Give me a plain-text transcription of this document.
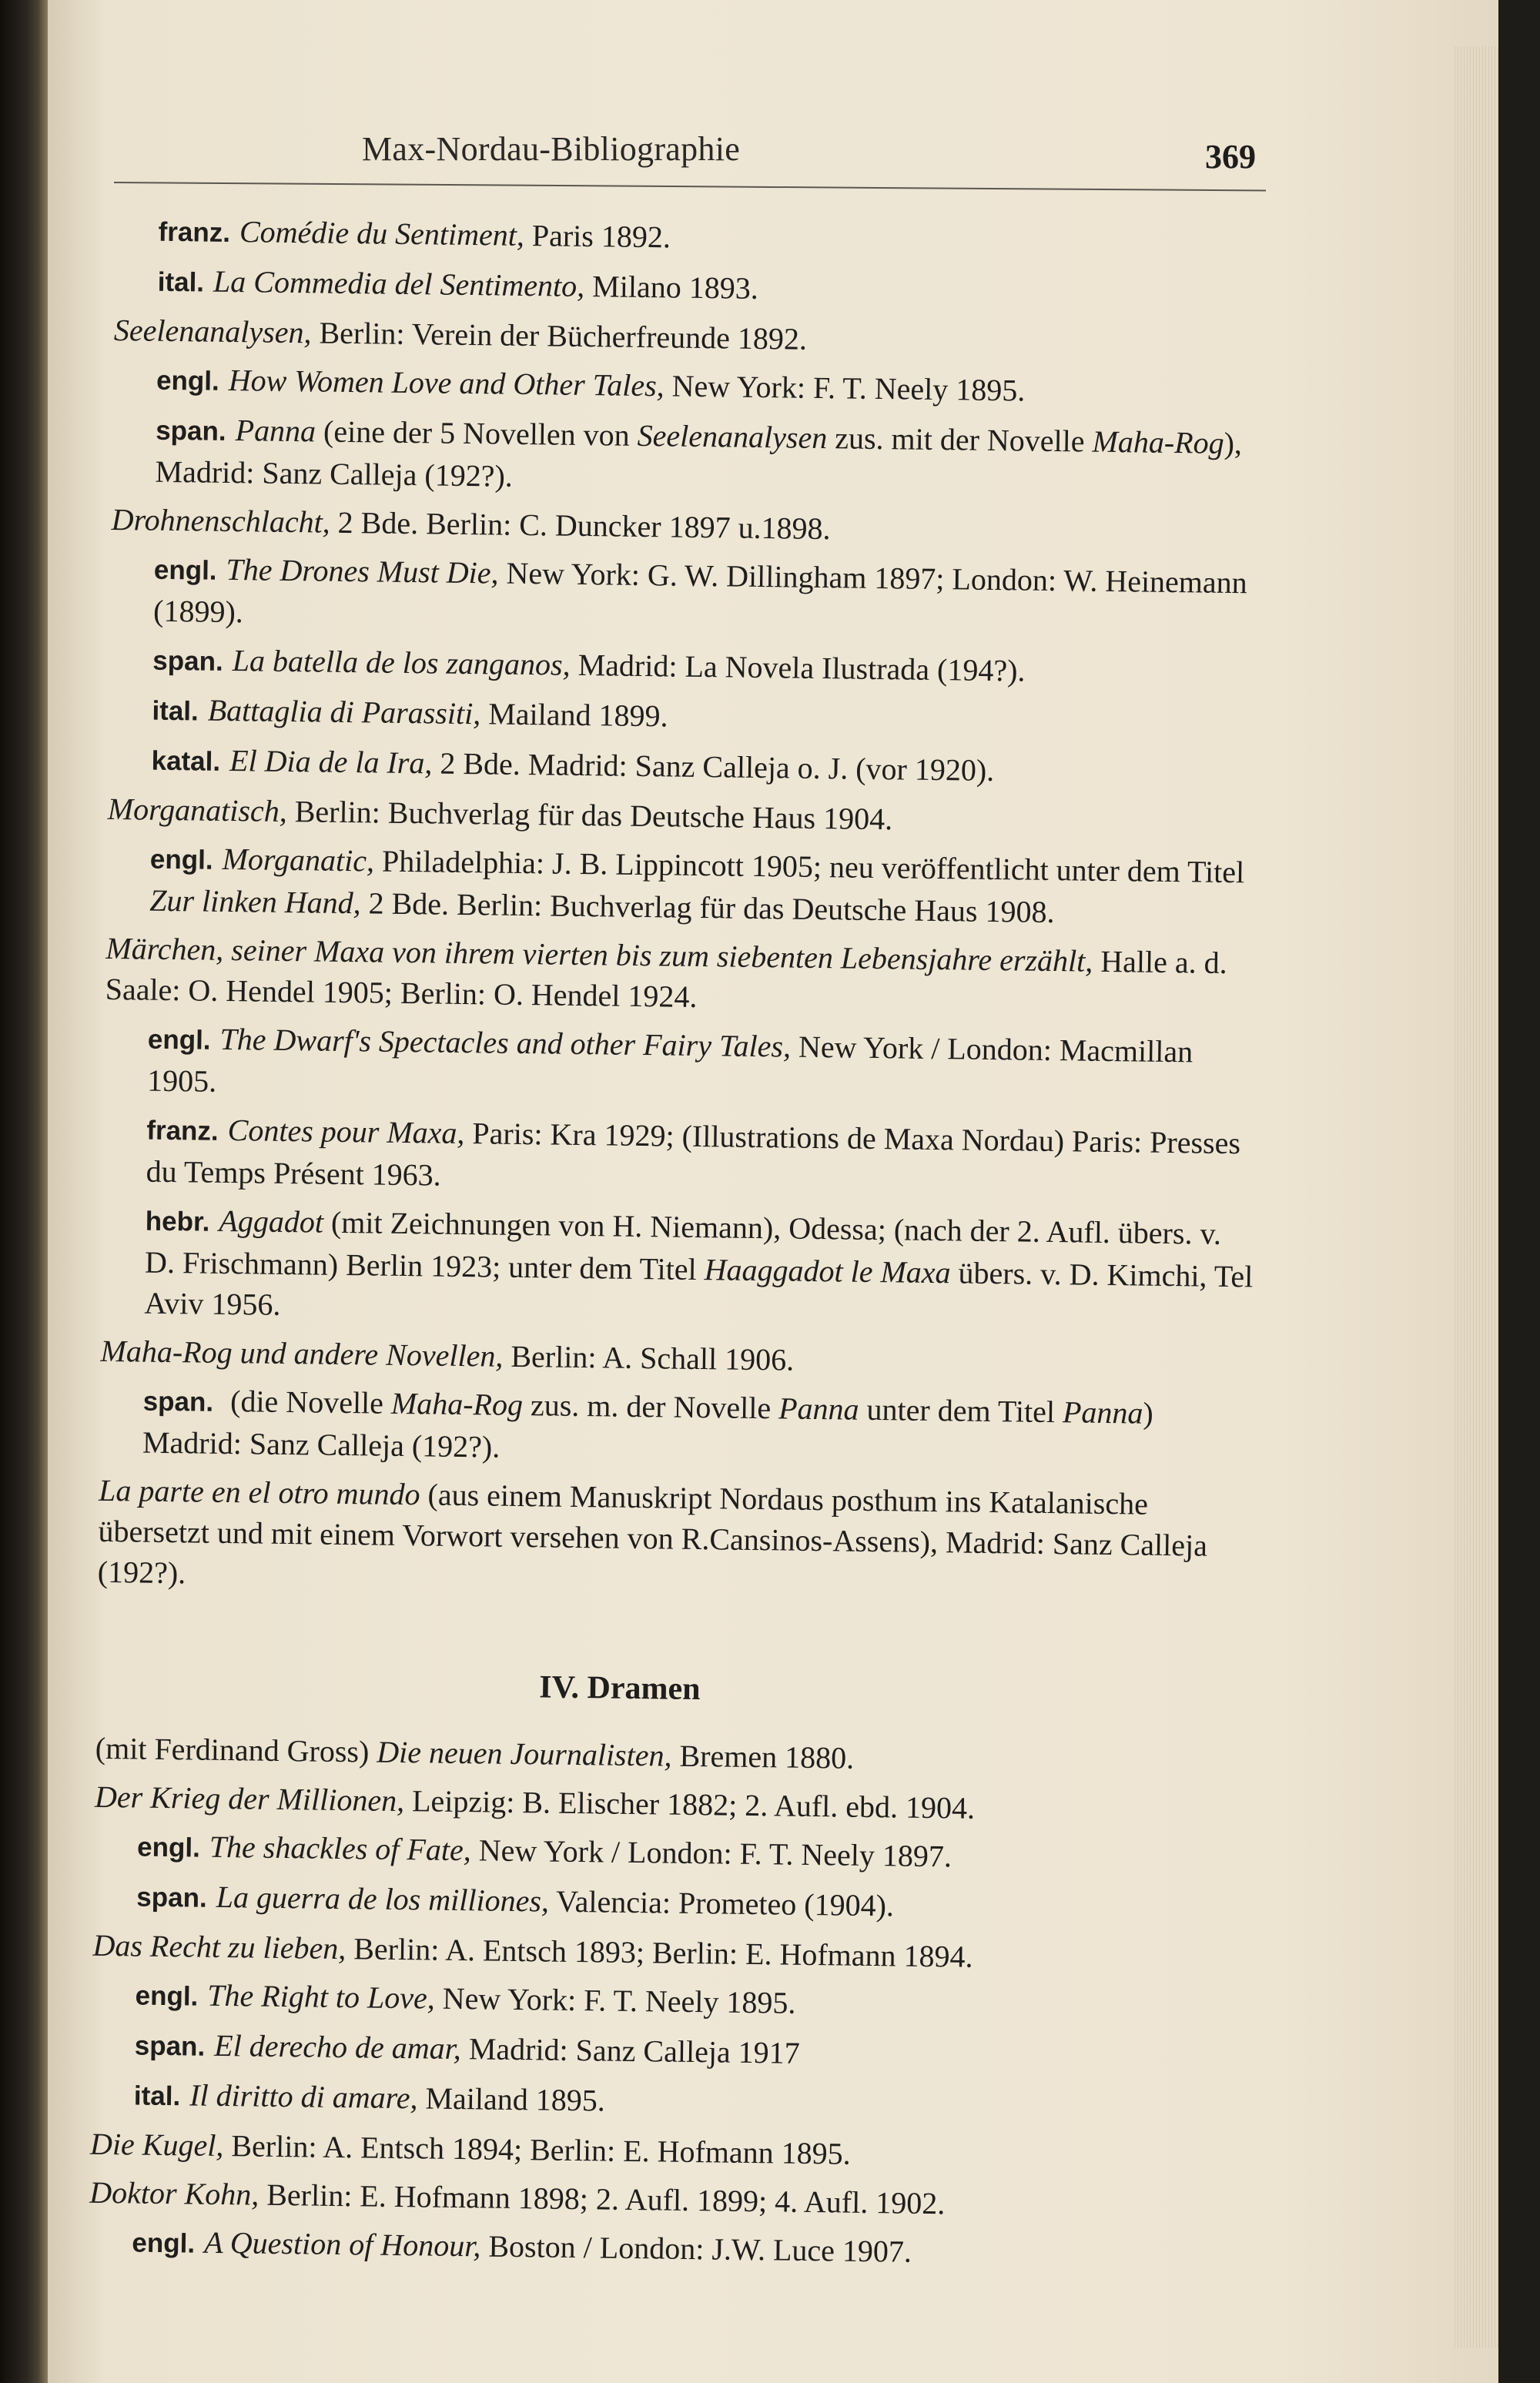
Max-Nordau-Bibliographie	369
franz. Comédie du Sentiment, Paris 1892.
ital. La Commedia del Sentimento, Milano 1893.
Seelenanalysen, Berlin: Verein der Bücherfreunde 1892.
engl. How Women Love and Other Tales, New York: F. T. Neely 1895.
span. Panna (eine der 5 Novellen von Seelenanalysen zus. mit der Novelle Maha-Rog), Madrid: Sanz Calleja (192?).
Drohnenschlacht, 2 Bde. Berlin: C. Duncker 1897 u.1898.
engl. The Drones Must Die, New York: G. W. Dillingham 1897; London: W. Heinemann (1899).
span. La batella de los zanganos, Madrid: La Novela Ilustrada (194?).
ital. Battaglia di Parassiti, Mailand 1899.
katal. El Dia de la Ira, 2 Bde. Madrid: Sanz Calleja o. J. (vor 1920).
Morganatisch, Berlin: Buchverlag für das Deutsche Haus 1904.
engl. Morganatic, Philadelphia: J. B. Lippincott 1905; neu veröffentlicht unter dem Titel Zur linken Hand, 2 Bde. Berlin: Buchverlag für das Deutsche Haus 1908.
Märchen, seiner Maxa von ihrem vierten bis zum siebenten Lebensjahre erzählt, Halle a. d. Saale: O. Hendel 1905; Berlin: O. Hendel 1924.
engl. The Dwarf's Spectacles and other Fairy Tales, New York / London: Macmillan 1905.
franz. Contes pour Maxa, Paris: Kra 1929; (Illustrations de Maxa Nordau) Paris: Presses du Temps Présent 1963.
hebr. Aggadot (mit Zeichnungen von H. Niemann), Odessa; (nach der 2. Aufl. übers. v. D. Frischmann) Berlin 1923; unter dem Titel Haaggadot le Maxa übers. v. D. Kimchi, Tel Aviv 1956.
Maha-Rog und andere Novellen, Berlin: A. Schall 1906.
span. (die Novelle Maha-Rog zus. m. der Novelle Panna unter dem Titel Panna) Madrid: Sanz Calleja (192?).
La parte en el otro mundo (aus einem Manuskript Nordaus posthum ins Katalanische übersetzt und mit einem Vorwort versehen von R.Cansinos-Assens), Madrid: Sanz Calleja (192?).
IV. Dramen
(mit Ferdinand Gross) Die neuen Journalisten, Bremen 1880.
Der Krieg der Millionen, Leipzig: B. Elischer 1882; 2. Aufl. ebd. 1904.
engl. The shackles of Fate, New York / London: F. T. Neely 1897.
span. La guerra de los milliones, Valencia: Prometeo (1904).
Das Recht zu lieben, Berlin: A. Entsch 1893; Berlin: E. Hofmann 1894.
engl. The Right to Love, New York: F. T. Neely 1895.
span. El derecho de amar, Madrid: Sanz Calleja 1917
ital. Il diritto di amare, Mailand 1895.
Die Kugel, Berlin: A. Entsch 1894; Berlin: E. Hofmann 1895.
Doktor Kohn, Berlin: E. Hofmann 1898; 2. Aufl. 1899; 4. Aufl. 1902.
engl. A Question of Honour, Boston / London: J.W. Luce 1907.
